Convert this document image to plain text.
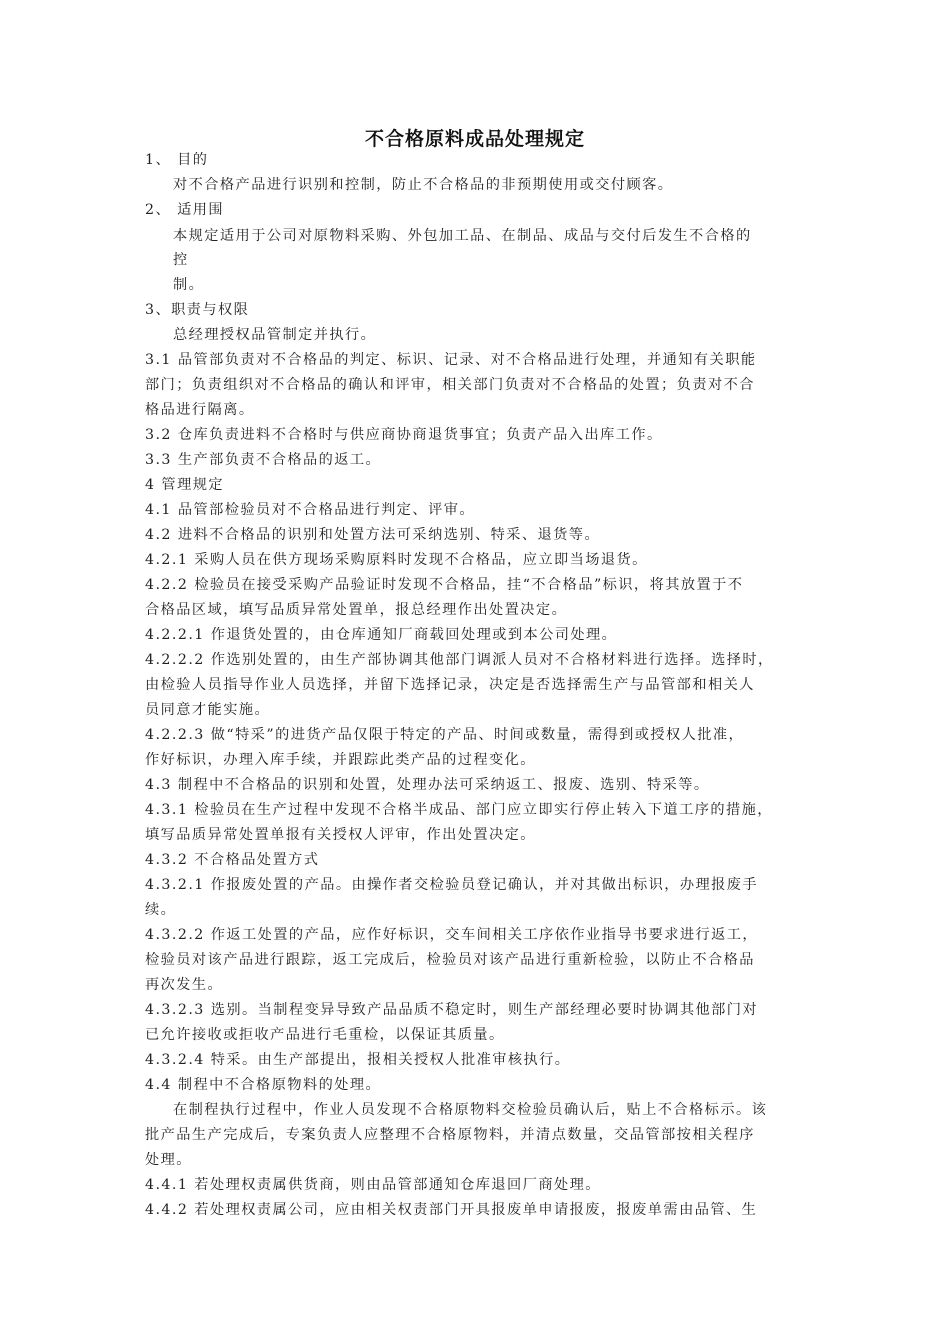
不合格原料成品处理规定
1、 目的
对不合格产品进行识别和控制，防止不合格品的非预期使用或交付顾客。
2、 适用围
本规定适用于公司对原物料采购、外包加工品、在制品、成品与交付后发生不合格的
控
制。
3、职责与权限
总经理授权品管制定并执行。
3.1 品管部负责对不合格品的判定、标识、记录、对不合格品进行处理，并通知有关职能
部门；负责组织对不合格品的确认和评审，相关部门负责对不合格品的处置；负责对不合
格品进行隔离。
3.2 仓库负责进料不合格时与供应商协商退货事宜；负责产品入出库工作。
3.3 生产部负责不合格品的返工。
4 管理规定
4.1 品管部检验员对不合格品进行判定、评审。
4.2 进料不合格品的识别和处置方法可采纳选别、特采、退货等。
4.2.1 采购人员在供方现场采购原料时发现不合格品，应立即当场退货。
4.2.2 检验员在接受采购产品验证时发现不合格品，挂“不合格品”标识，将其放置于不
合格品区域，填写品质异常处置单，报总经理作出处置决定。
4.2.2.1 作退货处置的，由仓库通知厂商载回处理或到本公司处理。
4.2.2.2 作选别处置的，由生产部协调其他部门调派人员对不合格材料进行选择。选择时，
由检验人员指导作业人员选择，并留下选择记录，决定是否选择需生产与品管部和相关人
员同意才能实施。
4.2.2.3 做“特采”的进货产品仅限于特定的产品、时间或数量，需得到或授权人批准，
作好标识，办理入库手续，并跟踪此类产品的过程变化。
4.3 制程中不合格品的识别和处置，处理办法可采纳返工、报废、选别、特采等。
4.3.1 检验员在生产过程中发现不合格半成品、部门应立即实行停止转入下道工序的措施，
填写品质异常处置单报有关授权人评审，作出处置决定。
4.3.2 不合格品处置方式
4.3.2.1 作报废处置的产品。由操作者交检验员登记确认，并对其做出标识，办理报废手
续。
4.3.2.2 作返工处置的产品，应作好标识，交车间相关工序依作业指导书要求进行返工，
检验员对该产品进行跟踪，返工完成后，检验员对该产品进行重新检验，以防止不合格品
再次发生。
4.3.2.3 选别。当制程变异导致产品品质不稳定时，则生产部经理必要时协调其他部门对
已允许接收或拒收产品进行毛重检，以保证其质量。
4.3.2.4 特采。由生产部提出，报相关授权人批准审核执行。
4.4 制程中不合格原物料的处理。
在制程执行过程中，作业人员发现不合格原物料交检验员确认后，贴上不合格标示。该
批产品生产完成后，专案负责人应整理不合格原物料，并清点数量，交品管部按相关程序
处理。
4.4.1 若处理权责属供货商，则由品管部通知仓库退回厂商处理。
4.4.2 若处理权责属公司，应由相关权责部门开具报废单申请报废，报废单需由品管、生
